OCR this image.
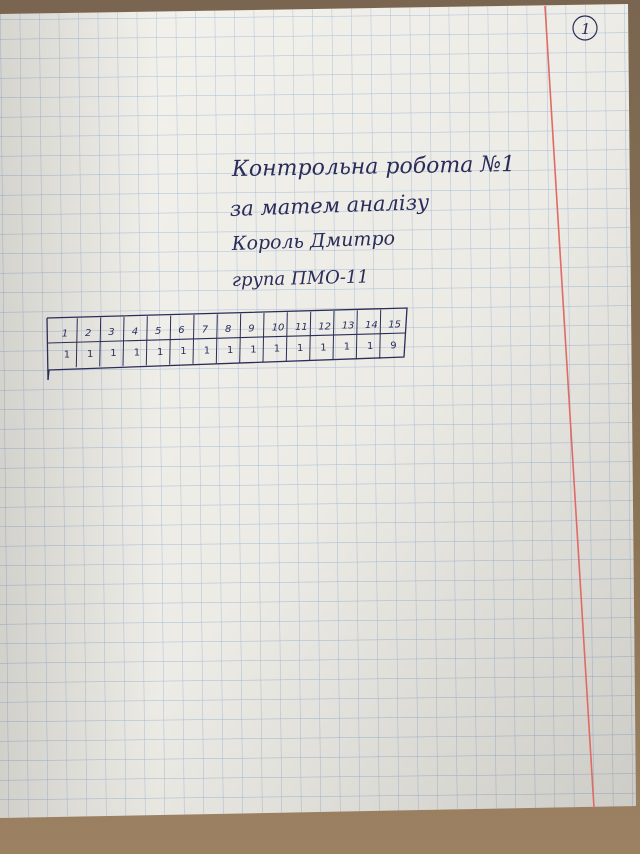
1
Контрольна робота №1
за матем аналізу
Король Дмитро
група ПМО-11
1
1
2
1
3
1
4
1
5
1
6
1
7
1
8
1
9
1
10
1
11
1
12
1
13
1
14
1
15
9
